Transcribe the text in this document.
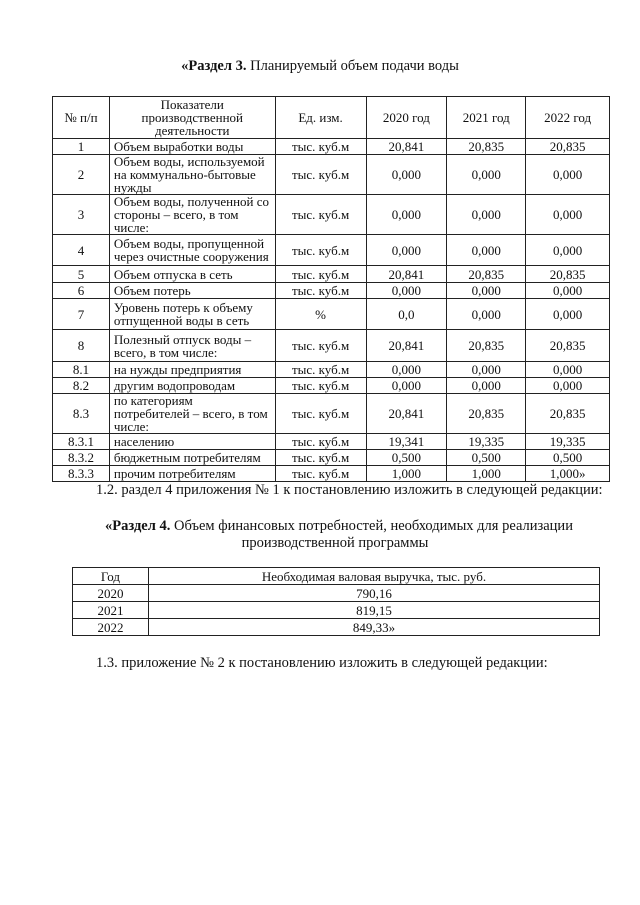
«Раздел 3. Планируемый объем подачи воды
№ п/п	Показатели производственной деятельности	Ед. изм.	2020 год	2021 год	2022 год
1	Объем выработки воды	тыс. куб.м	20,841	20,835	20,835
2	Объем воды, используемой на коммунально-бытовые нужды	тыс. куб.м	0,000	0,000	0,000
3	Объем воды, полученной со стороны – всего, в том числе:	тыс. куб.м	0,000	0,000	0,000
4	Объем воды, пропущенной через очистные сооружения	тыс. куб.м	0,000	0,000	0,000
5	Объем отпуска в сеть	тыс. куб.м	20,841	20,835	20,835
6	Объем потерь	тыс. куб.м	0,000	0,000	0,000
7	Уровень потерь к объему отпущенной воды в сеть	%	0,0	0,000	0,000
8	Полезный отпуск воды – всего, в том числе:	тыс. куб.м	20,841	20,835	20,835
8.1	на нужды предприятия	тыс. куб.м	0,000	0,000	0,000
8.2	другим водопроводам	тыс. куб.м	0,000	0,000	0,000
8.3	по категориям потребителей – всего, в том числе:	тыс. куб.м	20,841	20,835	20,835
8.3.1	населению	тыс. куб.м	19,341	19,335	19,335
8.3.2	бюджетным потребителям	тыс. куб.м	0,500	0,500	0,500
8.3.3	прочим потребителям	тыс. куб.м	1,000	1,000	1,000»
1.2. раздел 4 приложения № 1 к постановлению изложить в следующей редакции:
«Раздел 4. Объем финансовых потребностей, необходимых для реализации
производственной программы
Год	Необходимая валовая выручка, тыс. руб.
2020	790,16
2021	819,15
2022	849,33»
1.3. приложение № 2 к постановлению изложить в следующей редакции:
